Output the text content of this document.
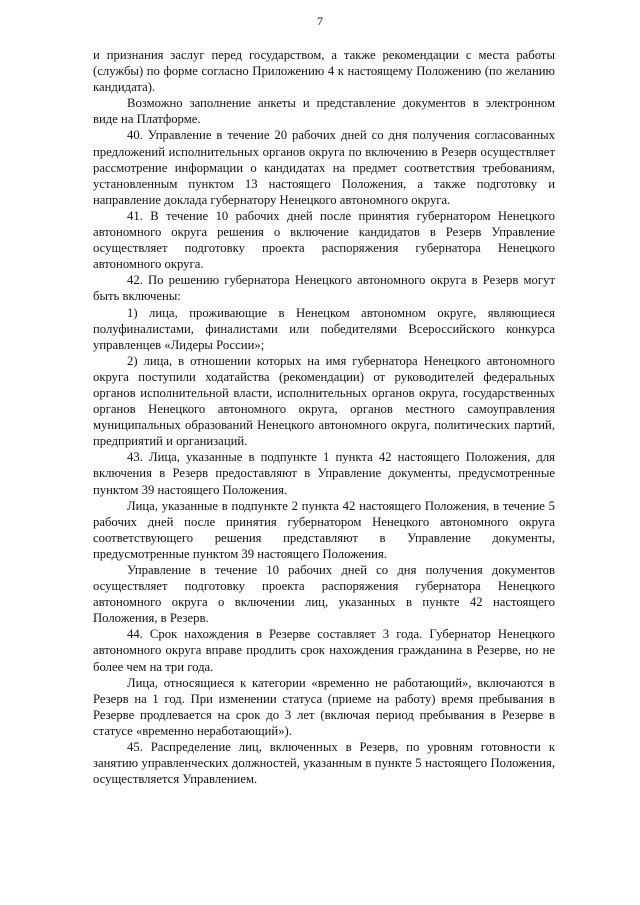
7

и признания заслуг перед государством, а также рекомендации с места работы (службы) по форме согласно Приложению 4 к настоящему Положению (по желанию кандидата).

Возможно заполнение анкеты и представление документов в электронном виде на Платформе.

40. Управление в течение 20 рабочих дней со дня получения согласованных предложений исполнительных органов округа по включению в Резерв осуществляет рассмотрение информации о кандидатах на предмет соответствия требованиям, установленным пунктом 13 настоящего Положения, а также подготовку и направление доклада губернатору Ненецкого автономного округа.

41. В течение 10 рабочих дней после принятия губернатором Ненецкого автономного округа решения о включение кандидатов в Резерв Управление осуществляет подготовку проекта распоряжения губернатора Ненецкого автономного округа.

42. По решению губернатора Ненецкого автономного округа в Резерв могут быть включены:

1) лица, проживающие в Ненецком автономном округе, являющиеся полуфиналистами, финалистами или победителями Всероссийского конкурса управленцев «Лидеры России»;

2) лица, в отношении которых на имя губернатора Ненецкого автономного округа поступили ходатайства (рекомендации) от руководителей федеральных органов исполнительной власти, исполнительных органов округа, государственных органов Ненецкого автономного округа, органов местного самоуправления муниципальных образований Ненецкого автономного округа, политических партий, предприятий и организаций.

43. Лица, указанные в подпункте 1 пункта 42 настоящего Положения, для включения в Резерв предоставляют в Управление документы, предусмотренные пунктом 39 настоящего Положения.

Лица, указанные в подпункте 2 пункта 42 настоящего Положения, в течение 5 рабочих дней после принятия губернатором Ненецкого автономного округа соответствующего решения представляют в Управление документы, предусмотренные пунктом 39 настоящего Положения.

Управление в течение 10 рабочих дней со дня получения документов осуществляет подготовку проекта распоряжения губернатора Ненецкого автономного округа о включении лиц, указанных в пункте 42 настоящего Положения, в Резерв.

44. Срок нахождения в Резерве составляет 3 года. Губернатор Ненецкого автономного округа вправе продлить срок нахождения гражданина в Резерве, но не более чем на три года.

Лица, относящиеся к категории «временно не работающий», включаются в Резерв на 1 год. При изменении статуса (приеме на работу) время пребывания в Резерве продлевается на срок до 3 лет (включая период пребывания в Резерве в статусе «временно неработающий»).

45. Распределение лиц, включенных в Резерв, по уровням готовности к занятию управленческих должностей, указанным в пункте 5 настоящего Положения, осуществляется Управлением.
